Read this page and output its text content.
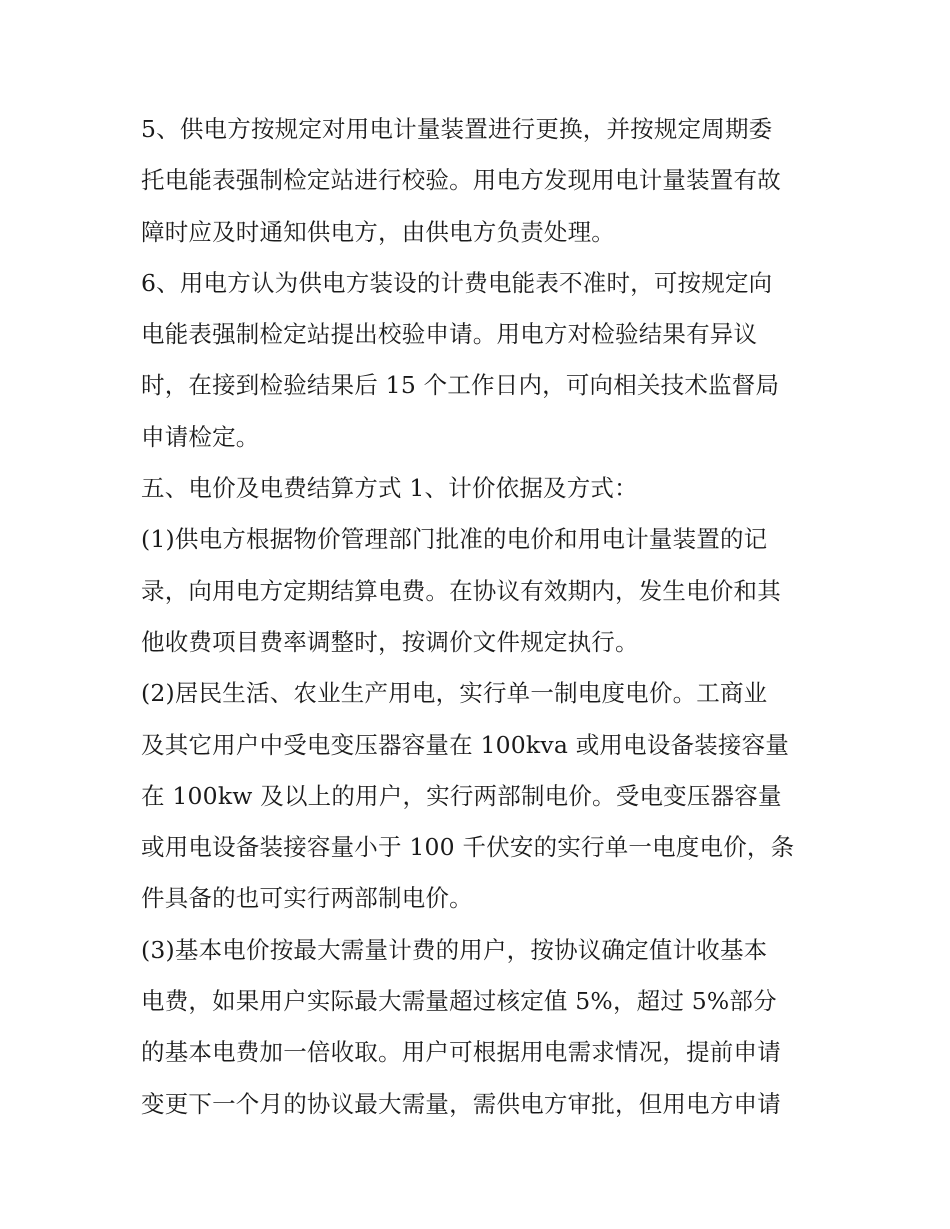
5、供电方按规定对用电计量装置进行更换，并按规定周期委
托电能表强制检定站进行校验。用电方发现用电计量装置有故
障时应及时通知供电方，由供电方负责处理。
6、用电方认为供电方装设的计费电能表不准时，可按规定向
电能表强制检定站提出校验申请。用电方对检验结果有异议
时，在接到检验结果后 15 个工作日内，可向相关技术监督局
申请检定。
五、电价及电费结算方式 1、计价依据及方式：
(1)供电方根据物价管理部门批准的电价和用电计量装置的记
录，向用电方定期结算电费。在协议有效期内，发生电价和其
他收费项目费率调整时，按调价文件规定执行。
(2)居民生活、农业生产用电，实行单一制电度电价。工商业
及其它用户中受电变压器容量在 100kva 或用电设备装接容量
在 100kw 及以上的用户，实行两部制电价。受电变压器容量
或用电设备装接容量小于 100 千伏安的实行单一电度电价，条
件具备的也可实行两部制电价。
(3)基本电价按最大需量计费的用户，按协议确定值计收基本
电费，如果用户实际最大需量超过核定值 5%，超过 5%部分
的基本电费加一倍收取。用户可根据用电需求情况，提前申请
变更下一个月的协议最大需量，需供电方审批，但用电方申请
